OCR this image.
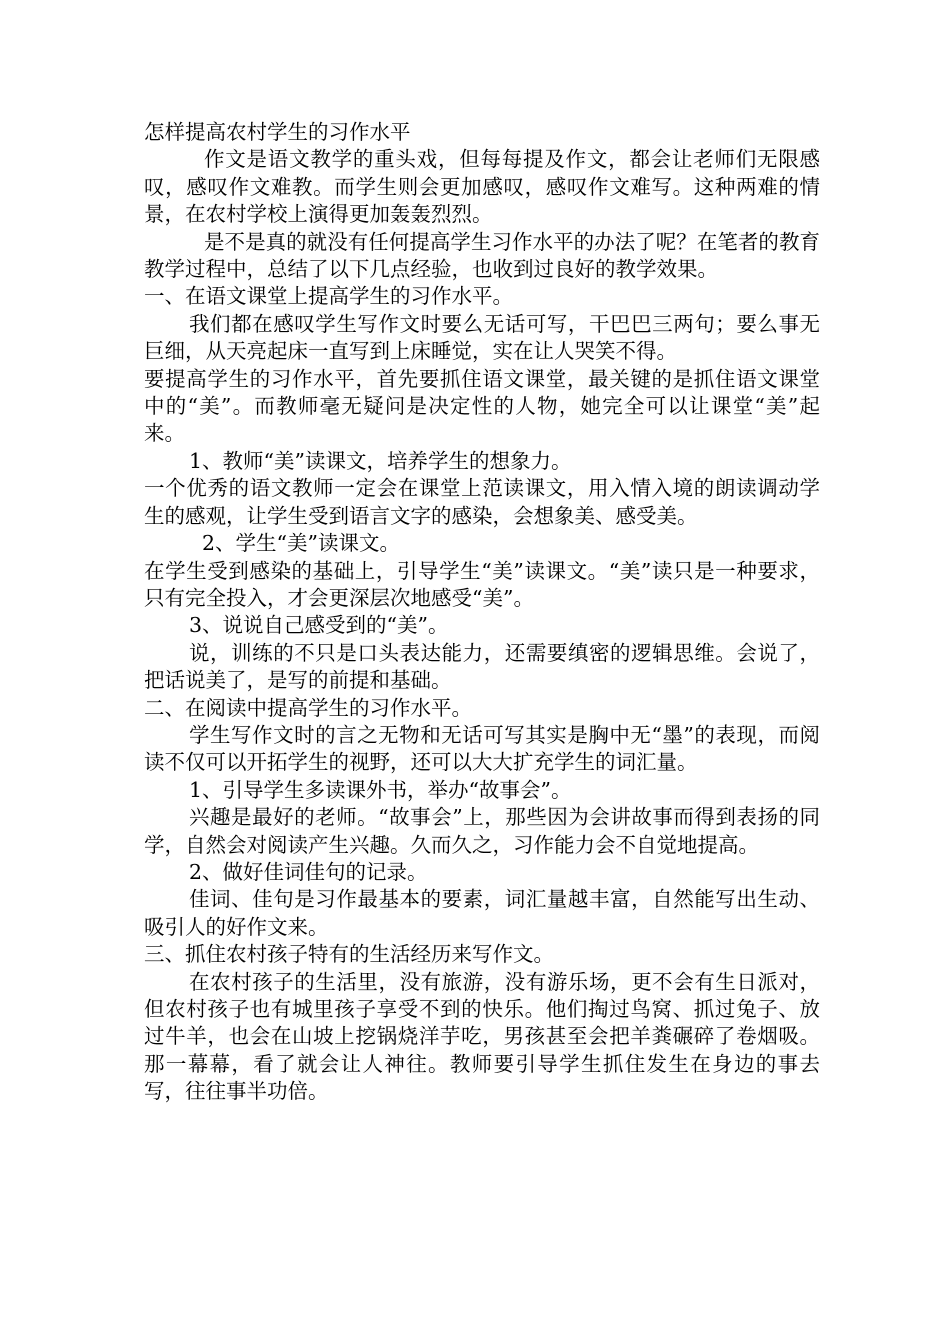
怎样提高农村学生的习作水平

作文是语文教学的重头戏，但每每提及作文，都会让老师们无限感叹，感叹作文难教。而学生则会更加感叹，感叹作文难写。这种两难的情景，在农村学校上演得更加轰轰烈烈。

是不是真的就没有任何提高学生习作水平的办法了呢？在笔者的教育教学过程中，总结了以下几点经验，也收到过良好的教学效果。

一、在语文课堂上提高学生的习作水平。

我们都在感叹学生写作文时要么无话可写，干巴巴三两句；要么事无巨细，从天亮起床一直写到上床睡觉，实在让人哭笑不得。

要提高学生的习作水平，首先要抓住语文课堂，最关键的是抓住语文课堂中的“美”。而教师毫无疑问是决定性的人物，她完全可以让课堂“美”起来。

1、教师“美”读课文，培养学生的想象力。

一个优秀的语文教师一定会在课堂上范读课文，用入情入境的朗读调动学生的感观，让学生受到语言文字的感染，会想象美、感受美。

2、学生“美”读课文。

在学生受到感染的基础上，引导学生“美”读课文。“美”读只是一种要求，只有完全投入，才会更深层次地感受“美”。

3、说说自己感受到的“美”。

说，训练的不只是口头表达能力，还需要缜密的逻辑思维。会说了，把话说美了，是写的前提和基础。

二、在阅读中提高学生的习作水平。

学生写作文时的言之无物和无话可写其实是胸中无“墨”的表现，而阅读不仅可以开拓学生的视野，还可以大大扩充学生的词汇量。

1、引导学生多读课外书，举办“故事会”。

兴趣是最好的老师。“故事会”上，那些因为会讲故事而得到表扬的同学，自然会对阅读产生兴趣。久而久之，习作能力会不自觉地提高。

2、做好佳词佳句的记录。

佳词、佳句是习作最基本的要素，词汇量越丰富，自然能写出生动、吸引人的好作文来。

三、抓住农村孩子特有的生活经历来写作文。

在农村孩子的生活里，没有旅游，没有游乐场，更不会有生日派对，但农村孩子也有城里孩子享受不到的快乐。他们掏过鸟窝、抓过兔子、放过牛羊，也会在山坡上挖锅烧洋芋吃，男孩甚至会把羊粪碾碎了卷烟吸。那一幕幕，看了就会让人神往。教师要引导学生抓住发生在身边的事去写，往往事半功倍。
